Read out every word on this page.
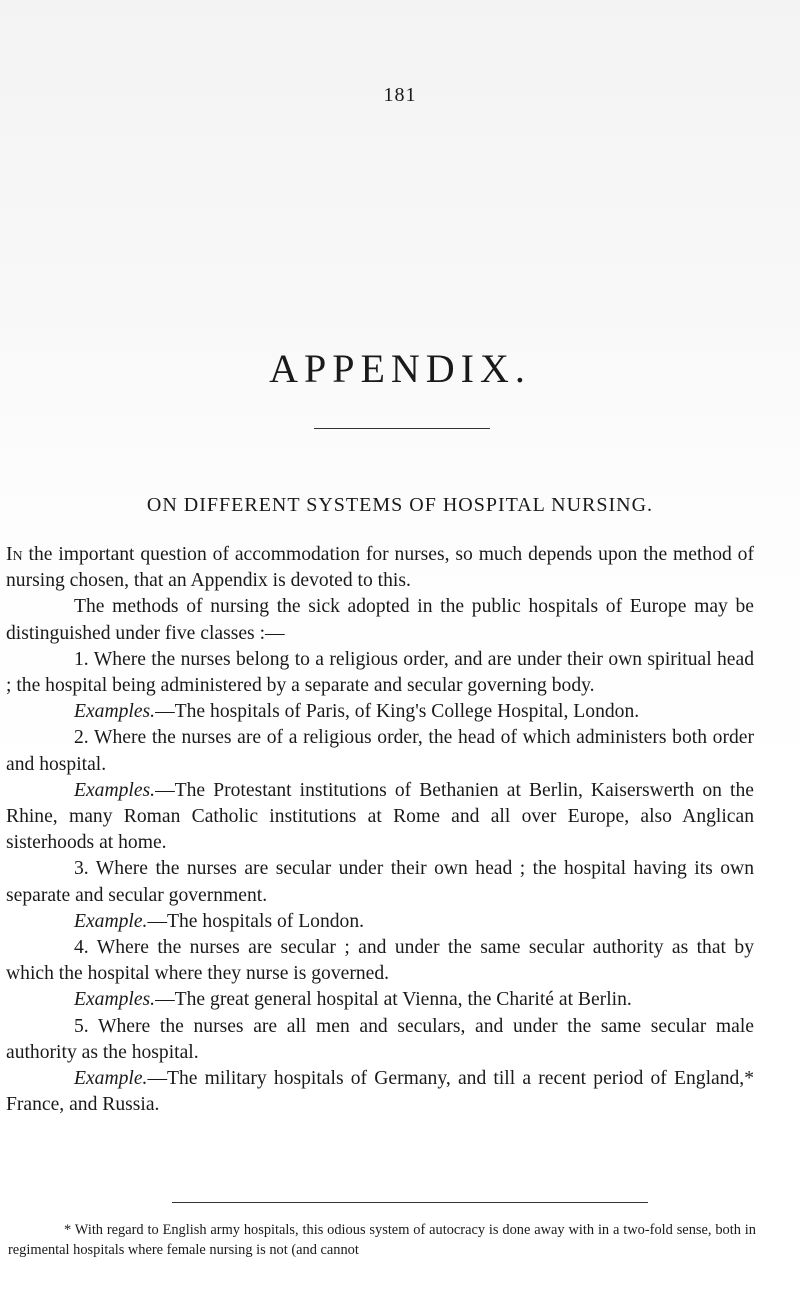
181
APPENDIX.
ON DIFFERENT SYSTEMS OF HOSPITAL NURSING.

In the important question of accommodation for nurses, so much depends upon the method of nursing chosen, that an Appendix is devoted to this.

The methods of nursing the sick adopted in the public hospitals of Europe may be distinguished under five classes :—

1. Where the nurses belong to a religious order, and are under their own spiritual head ; the hospital being administered by a separate and secular governing body.

Examples.—The hospitals of Paris, of King's College Hospital, London.

2. Where the nurses are of a religious order, the head of which administers both order and hospital.

Examples.—The Protestant institutions of Bethanien at Berlin, Kaiserswerth on the Rhine, many Roman Catholic institutions at Rome and all over Europe, also Anglican sisterhoods at home.

3. Where the nurses are secular under their own head ; the hospital having its own separate and secular government.

Example.—The hospitals of London.

4. Where the nurses are secular ; and under the same secular authority as that by which the hospital where they nurse is governed.

Examples.—The great general hospital at Vienna, the Charité at Berlin.

5. Where the nurses are all men and seculars, and under the same secular male authority as the hospital.

Example.—The military hospitals of Germany, and till a recent period of England,* France, and Russia.

* With regard to English army hospitals, this odious system of autocracy is done away with in a two-fold sense, both in regimental hospitals where female nursing is not (and cannot
